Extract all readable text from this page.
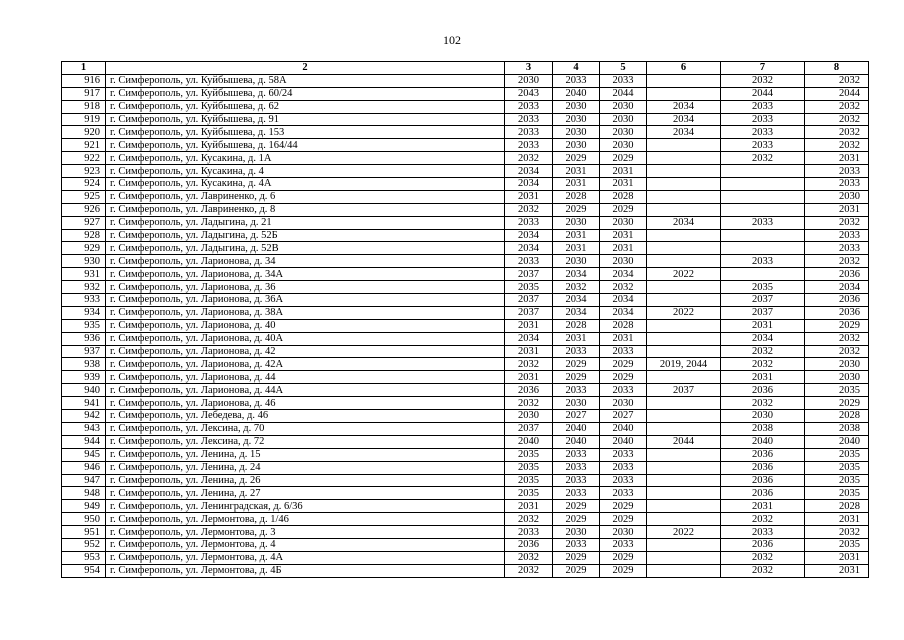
102
1	2	3	4	5	6	7	8
916	г. Симферополь, ул. Куйбышева, д. 58А	2030	2033	2033		2032	2032
917	г. Симферополь, ул. Куйбышева, д. 60/24	2043	2040	2044		2044	2044
918	г. Симферополь, ул. Куйбышева, д. 62	2033	2030	2030	2034	2033	2032
919	г. Симферополь, ул. Куйбышева, д. 91	2033	2030	2030	2034	2033	2032
920	г. Симферополь, ул. Куйбышева, д. 153	2033	2030	2030	2034	2033	2032
921	г. Симферополь, ул. Куйбышева, д. 164/44	2033	2030	2030		2033	2032
922	г. Симферополь, ул. Кусакина, д. 1А	2032	2029	2029		2032	2031
923	г. Симферополь, ул. Кусакина, д. 4	2034	2031	2031			2033
924	г. Симферополь, ул. Кусакина, д. 4А	2034	2031	2031			2033
925	г. Симферополь, ул. Лавриненко, д. 6	2031	2028	2028			2030
926	г. Симферополь, ул. Лавриненко, д. 8	2032	2029	2029			2031
927	г. Симферополь, ул. Ладыгина, д. 21	2033	2030	2030	2034	2033	2032
928	г. Симферополь, ул. Ладыгина, д. 52Б	2034	2031	2031			2033
929	г. Симферополь, ул. Ладыгина, д. 52В	2034	2031	2031			2033
930	г. Симферополь, ул. Ларионова, д. 34	2033	2030	2030		2033	2032
931	г. Симферополь, ул. Ларионова, д. 34А	2037	2034	2034	2022		2036
932	г. Симферополь, ул. Ларионова, д. 36	2035	2032	2032		2035	2034
933	г. Симферополь, ул. Ларионова, д. 36А	2037	2034	2034		2037	2036
934	г. Симферополь, ул. Ларионова, д. 38А	2037	2034	2034	2022	2037	2036
935	г. Симферополь, ул. Ларионова, д. 40	2031	2028	2028		2031	2029
936	г. Симферополь, ул. Ларионова, д. 40А	2034	2031	2031		2034	2032
937	г. Симферополь, ул. Ларионова, д. 42	2031	2033	2033		2032	2032
938	г. Симферополь, ул. Ларионова, д. 42А	2032	2029	2029	2019, 2044	2032	2030
939	г. Симферополь, ул. Ларионова, д. 44	2031	2029	2029		2031	2030
940	г. Симферополь, ул. Ларионова, д. 44А	2036	2033	2033	2037	2036	2035
941	г. Симферополь, ул. Ларионова, д. 46	2032	2030	2030		2032	2029
942	г. Симферополь, ул. Лебедева, д. 46	2030	2027	2027		2030	2028
943	г. Симферополь, ул. Лексина, д. 70	2037	2040	2040		2038	2038
944	г. Симферополь, ул. Лексина, д. 72	2040	2040	2040	2044	2040	2040
945	г. Симферополь, ул. Ленина, д. 15	2035	2033	2033		2036	2035
946	г. Симферополь, ул. Ленина, д. 24	2035	2033	2033		2036	2035
947	г. Симферополь, ул. Ленина, д. 26	2035	2033	2033		2036	2035
948	г. Симферополь, ул. Ленина, д. 27	2035	2033	2033		2036	2035
949	г. Симферополь, ул. Ленинградская, д. 6/36	2031	2029	2029		2031	2028
950	г. Симферополь, ул. Лермонтова, д. 1/46	2032	2029	2029		2032	2031
951	г. Симферополь, ул. Лермонтова, д. 3	2033	2030	2030	2022	2033	2032
952	г. Симферополь, ул. Лермонтова, д. 4	2036	2033	2033		2036	2035
953	г. Симферополь, ул. Лермонтова, д. 4А	2032	2029	2029		2032	2031
954	г. Симферополь, ул. Лермонтова, д. 4Б	2032	2029	2029		2032	2031
